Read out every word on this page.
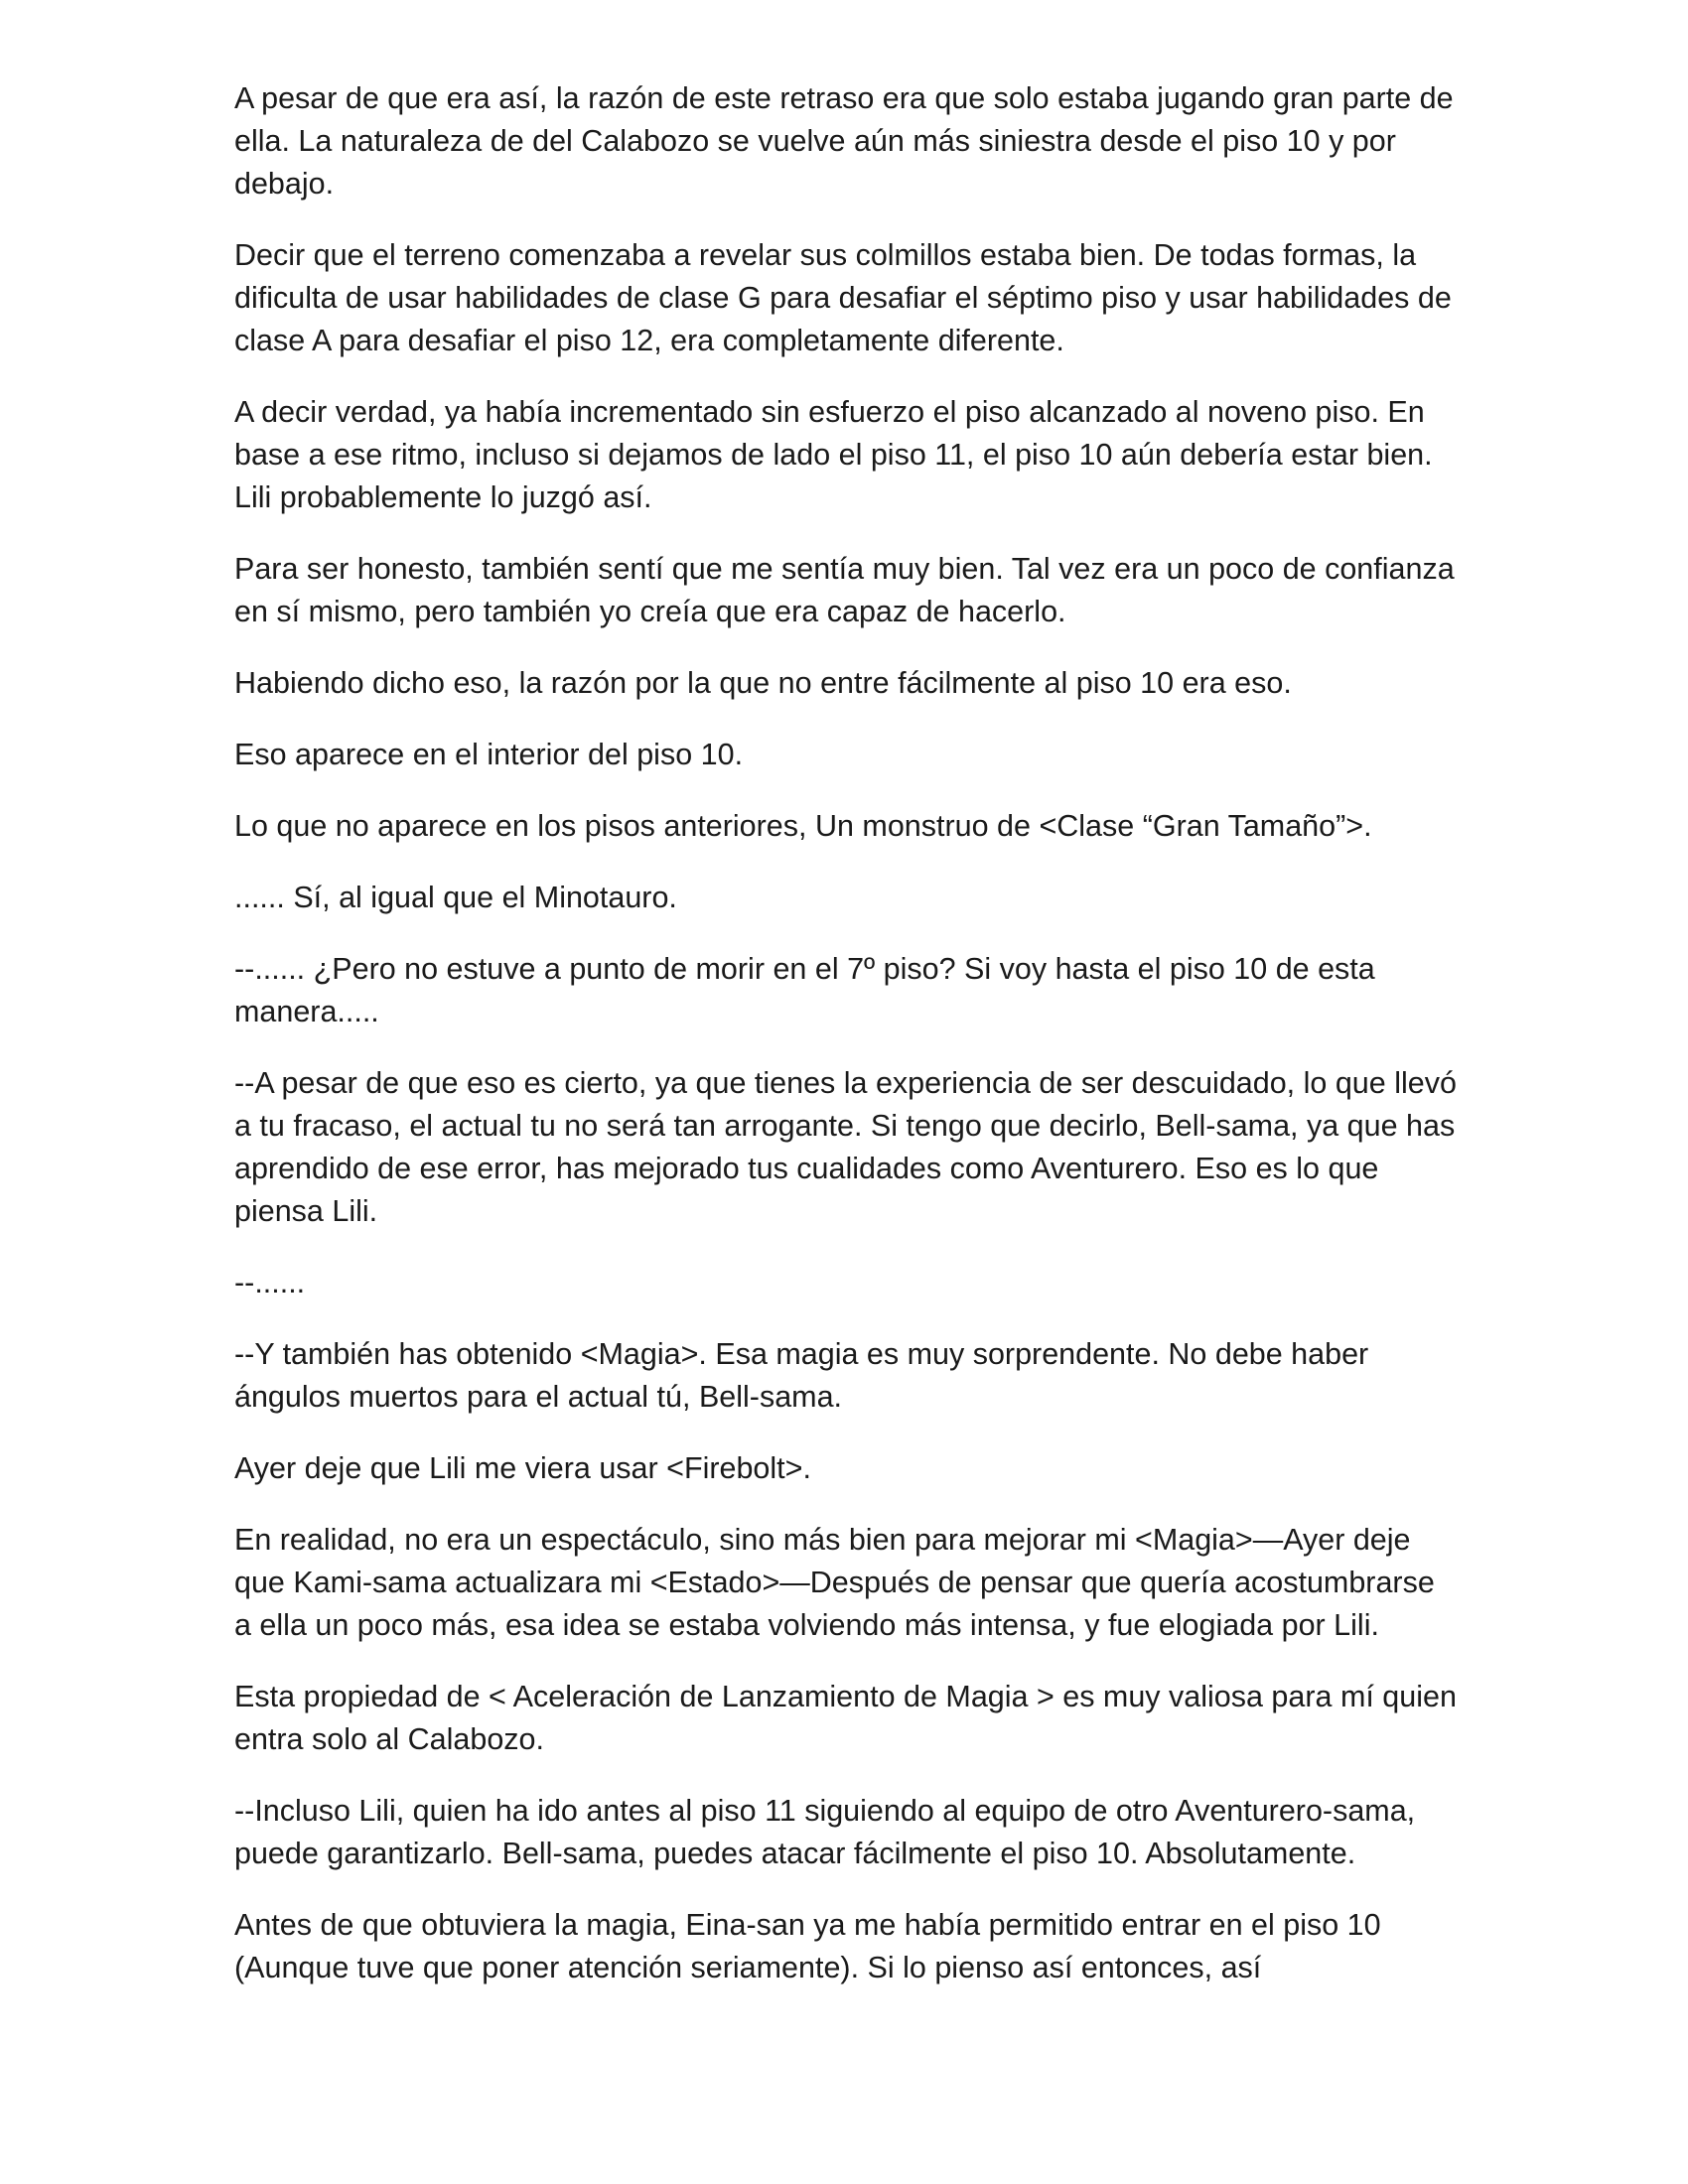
A pesar de que era así, la razón de este retraso era que solo estaba jugando gran parte de ella. La naturaleza de del Calabozo se vuelve aún más siniestra desde el piso 10 y por debajo.

Decir que el terreno comenzaba a revelar sus colmillos estaba bien. De todas formas, la dificulta de usar habilidades de clase G para desafiar el séptimo piso y usar habilidades de clase A para desafiar el piso 12, era completamente diferente.

A decir verdad, ya había incrementado sin esfuerzo el piso alcanzado al noveno piso. En base a ese ritmo, incluso si dejamos de lado el piso 11, el piso 10 aún debería estar bien. Lili probablemente lo juzgó así.

Para ser honesto, también sentí que me sentía muy bien. Tal vez era un poco de confianza en sí mismo, pero también yo creía que era capaz de hacerlo.

Habiendo dicho eso, la razón por la que no entre fácilmente al piso 10 era eso.

Eso aparece en el interior del piso 10.

Lo que no aparece en los pisos anteriores, Un monstruo de <Clase “Gran Tamaño”>.

...... Sí, al igual que el Minotauro.

--...... ¿Pero no estuve a punto de morir en el 7º piso? Si voy hasta el piso 10 de esta manera.....

--A pesar de que eso es cierto, ya que tienes la experiencia de ser descuidado, lo que llevó a tu fracaso, el actual tu no será tan arrogante. Si tengo que decirlo, Bell-sama, ya que has aprendido de ese error, has mejorado tus cualidades como Aventurero. Eso es lo que piensa Lili.

--......

--Y también has obtenido <Magia>. Esa magia es muy sorprendente. No debe haber ángulos muertos para el actual tú, Bell-sama.

Ayer deje que Lili me viera usar <Firebolt>.

En realidad, no era un espectáculo, sino más bien para mejorar mi <Magia>—Ayer deje que Kami-sama actualizara mi <Estado>—Después de pensar que quería acostumbrarse a ella un poco más, esa idea se estaba volviendo más intensa, y fue elogiada por Lili.

Esta propiedad de < Aceleración de Lanzamiento de Magia > es muy valiosa para mí quien entra solo al Calabozo.

--Incluso Lili, quien ha ido antes al piso 11 siguiendo al equipo de otro Aventurero-sama, puede garantizarlo. Bell-sama, puedes atacar fácilmente el piso 10. Absolutamente.

Antes de que obtuviera la magia, Eina-san ya me había permitido entrar en el piso 10 (Aunque tuve que poner atención seriamente). Si lo pienso así entonces, así
